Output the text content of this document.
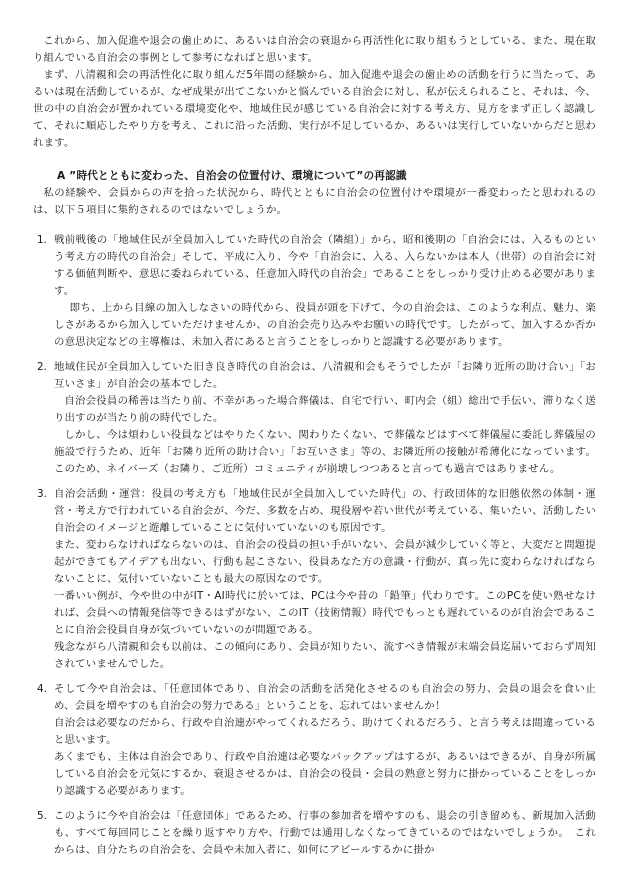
これから、加入促進や退会の歯止めに、あるいは自治会の衰退から再活性化に取り組もうとしている、また、現在取り組んでいる自治会の事例として参考になればと思います。

まず、八清親和会の再活性化に取り組んだ5年間の経験から、加入促進や退会の歯止めの活動を行うに当たって、あるいは現在活動しているが、なぜ成果が出てこないかと悩んでいる自治会に対し、私が伝えられること、それは、今、世の中の自治会が置かれている環境変化や、地域住民が感じている自治会に対する考え方、見方をまず正しく認識して、それに順応したやり方を考え、これに沿った活動、実行が不足しているか、あるいは実行していないからだと思われます。

A ”時代とともに変わった、自治会の位置付け、環境について”の再認識

私の経験や、会員からの声を拾った状況から、時代とともに自治会の位置付けや環境が一番変わったと思われるのは、以下５項目に集約されるのではないでしょうか。

1. 戦前戦後の「地域住民が全員加入していた時代の自治会（隣組）」から、昭和後期の「自治会には、入るものという考え方の時代の自治会」そして、平成に入り、今や「自治会に、入る、入らないかは本人（世帯）の自治会に対する価値判断や、意思に委ねられている、任意加入時代の自治会」であることをしっかり受け止める必要があります。

即ち、上から目線の加入しなさいの時代から、役員が頭を下げて、今の自治会は、このような利点、魅力、楽しさがあるから加入していただけませんか、の自治会売り込みやお願いの時代です。したがって、加入するか否かの意思決定などの主導権は、未加入者にあると言うことをしっかりと認識する必要があります。

2. 地域住民が全員加入していた旧き良き時代の自治会は、八清親和会もそうでしたが「お隣り近所の助け合い」「お互いさま」が自治会の基本でした。

自治会役員の稀善は当たり前、不幸があった場合葬儀は、自宅で行い、町内会（組）総出で手伝い、滞りなく送り出すのが当たり前の時代でした。

しかし、今は煩わしい役員などはやりたくない、関わりたくない、で葬儀などはすべて葬儀屋に委託し葬儀屋の施設で行うため、近年「お隣り近所の助け合い」「お互いさま」等の、お隣近所の接触が希薄化になっています。このため、ネイバーズ（お隣り、ご近所）コミュニティが崩壊しつつあると言っても過言ではありません。

3. 自治会活動・運営：役員の考え方も「地域住民が全員加入していた時代」の、行政団体的な旧態依然の体制・運営・考え方で行われている自治会が、今だ、多数を占め、現役層や若い世代が考えている、集いたい、活動したい自治会のイメージと遊離していることに気付いていないのも原因です。

また、変わらなければならないのは、自治会の役員の担い手がいない、会員が減少していく等と、大変だと問題提起ができてもアイデアも出ない、行動も起こさない、役員あなた方の意識・行動が、真っ先に変わらなければならないことに、気付いていないことも最大の原因なのです。

一番いい例が、今や世の中がIT・AI時代に於いては、PCは今や昔の「鉛筆」代わりです。このPCを使い熟せなければ、会員への情報発信等できるはずがない、このIT（技術情報）時代でもっとも遅れているのが自治会であることに自治会役員自身が気づいていないのが問題である。

残念ながら八清親和会も以前は、この傾向にあり、会員が知りたい、流すべき情報が末端会員迄届いておらず周知されていませんでした。

4. そして今や自治会は、「任意団体であり、自治会の活動を活発化させるのも自治会の努力、会員の退会を食い止め、会員を増やすのも自治会の努力である」ということを、忘れてはいませんか！

自治会は必要なのだから、行政や自治連がやってくれるだろう、助けてくれるだろう、と言う考えは間違っていると思います。

あくまでも、主体は自治会であり、行政や自治連は必要なバックアップはするが、あるいはできるが、自身が所属している自治会を元気にするか、衰退させるかは、自治会の役員・会員の熟意と努力に掛かっていることをしっかり認識する必要があります。

5. このように今や自治会は「任意団体」であるため、行事の参加者を増やすのも、退会の引き留めも、新規加入活動も、すべて毎回同じことを繰り返すやり方や、行動では通用しなくなってきているのではないでしょうか。　これからは、自分たちの自治会を、会員や未加入者に、如何にアピールするかに掛か
